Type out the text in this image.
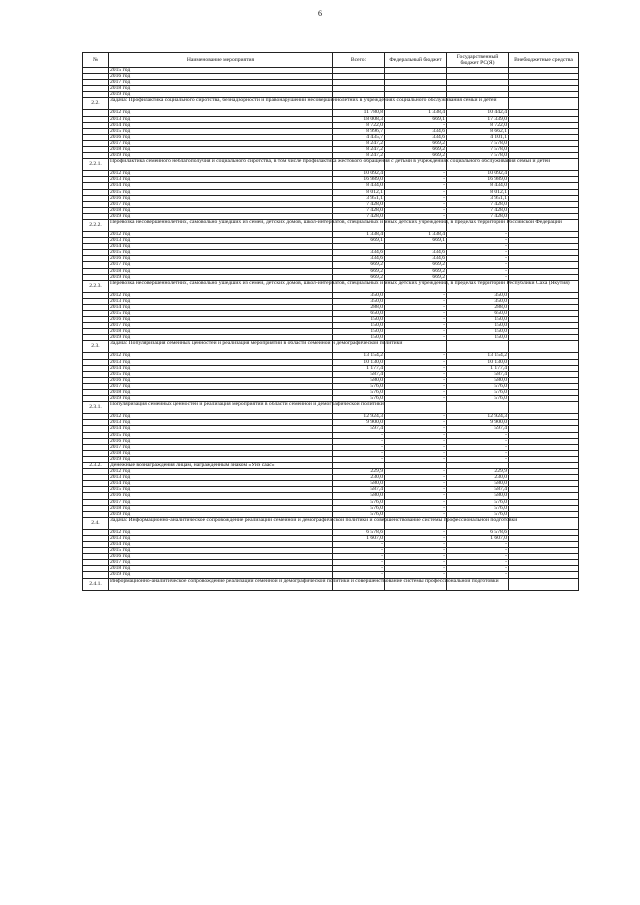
6
№	Наименование мероприятия	Всего:	Федеральный бюджет	Государственный бюджет РС(Я)	Внебюджетные средства
	2015 год				
	2016 год				
	2017 год				
	2018 год				
	2019 год				
2.2.	Задача: Профилактика социального сиротства, безнадзорности и правонарушений несовершеннолетних в учреждениях социального обслуживания семьи и детей				
	2012 год	11 780,8	1 338,4	10 442,4	
	2013 год	18 008,3	669,1	17 339,0	
	2014 год	8 722,0	-	8 722,0	
	2015 год	8 996,7	334,6	8 662,1	
	2016 год	4 435,7	334,6	4 101,1	
	2017 год	8 247,2	669,2	7 578,0	
	2018 год	8 247,2	669,2	7 578,0	
	2019 год	8 247,2	669,2	7 578,0	
2.2.1.	Профилактика семейного неблагополучия и социального сиротства, в том числе профилактика жестокого обращения с детьми в учреждениях социального обслуживания семьи и детей				
	2012 год	10 092,4	-	10 092,4	
	2013 год	16 989,0	-	16 989,0	
	2014 год	8 434,0	-	8 434,0	
	2015 год	8 012,1	-	8 012,1	
	2016 год	3 951,1	-	3 951,1	
	2017 год	7 428,0	-	7 428,0	
	2018 год	7 428,0	-	7 428,0	
	2019 год	7 428,0	-	7 428,0	
2.2.2.	Перевозка несовершеннолетних, самовольно ушедших из семей, детских домов, школ-интернатов, специальных и иных детских учреждений, в пределах территории Российской Федерации				
	2012 год	1 338,4	1 338,4	-	
	2013 год	669,1	669,1	-	
	2014 год			-	
	2015 год	334,6	334,6	-	
	2016 год	334,6	334,6	-	
	2017 год	669,2	669,2	-	
	2018 год	669,2	669,2	-	
	2019 год	669,2	669,2	-	
2.2.3.	Перевозка несовершеннолетних, самовольно ушедших из семей, детских домов, школ-интернатов, специальных и иных детских учреждений, в пределах территории Республики Саха (Якутия)				
	2012 год	350,0	-	350,0	
	2013 год	350,0	-	350,0	
	2014 год	288,0	-	288,0	
	2015 год	650,0	-	650,0	
	2016 год	150,0	-	150,0	
	2017 год	150,0	-	150,0	
	2018 год	150,0	-	150,0	
	2019 год	150,0	-	150,0	
2.3.	Задача: Популяризация семейных ценностей и реализация мероприятий в области семейной и демографической политики				
	2012 год	13 154,2	-	13 154,2	
	2013 год	10 130,0	-	10 130,0	
	2014 год	1 177,4	-	1 177,4	
	2015 год	587,4	-	587,4	
	2016 год	580,0	-	580,0	
	2017 год	576,0	-	576,0	
	2018 год	576,0	-	576,0	
	2019 год	576,0	-	576,0	
2.3.1.	Популяризация семейных ценностей и реализация мероприятий в области семейной и демографической политики				
	2012 год	12 924,3	-	12 924,3	
	2013 год	9 900,0	-	9 900,0	
	2014 год	597,4	-	597,4	
	2015 год	-	-	-	
	2016 год	-	-	-	
	2017 год	-	-	-	
	2018 год	-	-	-	
	2019 год	-	-	-	
2.3.2.	Денежные вознаграждения лицам, награжденным знаком «Уйэ саас»				
	2012 год	229,9	-	229,9	
	2013 год	230,0	-	230,0	
	2014 год	580,0	-	580,0	
	2015 год	587,4	-	587,4	
	2016 год	580,0	-	580,0	
	2017 год	576,0	-	576,0	
	2018 год	576,0	-	576,0	
	2019 год	576,0	-	576,0	
2.4.	Задача: Информационно-аналитическое сопровождение реализации семейной и демографической политики и совершенствование системы профессиональной подготовки				
	2012 год	6 578,6	-	6 578,6	
	2013 год	1 607,0	-	1 607,0	
	2014 год	-	-	-	
	2015 год	-	-	-	
	2016 год	-	-	-	
	2017 год	-	-	-	
	2018 год	-	-	-	
	2019 год	-	-	-	
2.4.1.	Информационно-аналитическое сопровождение реализации семейной и демографической политики и совершенствование системы профессиональной подготовки				
